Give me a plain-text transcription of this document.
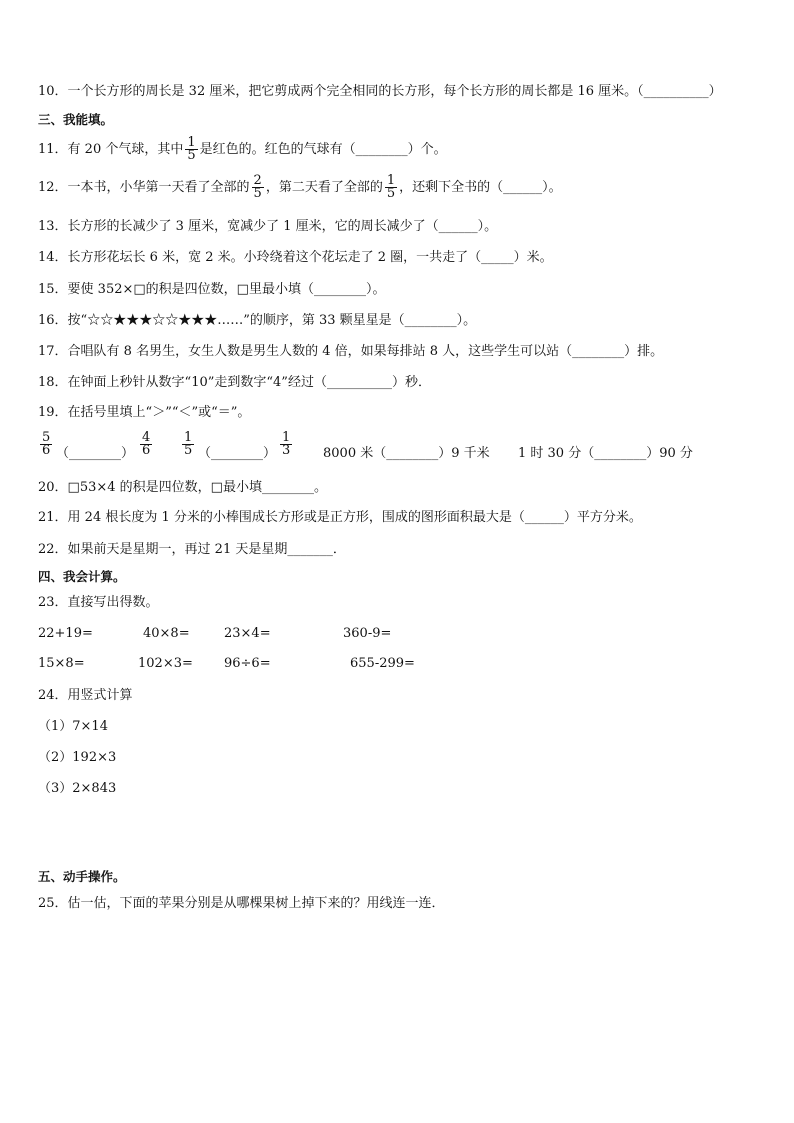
10．一个长方形的周长是 32 厘米，把它剪成两个完全相同的长方形，每个长方形的周长都是 16 厘米。（__________）
三、我能填。
11．有 20 个气球，其中 $\frac{1}{5}$ 是红色的。红色的气球有（________）个。
12．一本书，小华第一天看了全部的 $\frac{2}{5}$ ，第二天看了全部的 $\frac{1}{5}$ ，还剩下全书的（______）。
13．长方形的长减少了 3 厘米，宽减少了 1 厘米，它的周长减少了（______）。
14．长方形花坛长 6 米，宽 2 米。小玲绕着这个花坛走了 2 圈，一共走了（_____）米。
15．要使 352×□的积是四位数，□里最小填（________）。
16．按“☆☆★★★☆☆★★★……”的顺序，第 33 颗星星是（________）。
17．合唱队有 8 名男生，女生人数是男生人数的 4 倍，如果每排站 8 人，这些学生可以站（________）排。
18．在钟面上秒针从数字“10”走到数字“4”经过（__________）秒．
19．在括号里填上“＞”“＜”或“＝”。
$\frac{5}{6}$ （________） $\frac{4}{6} \frac{1}{5}$ （________） $\frac{1}{3} 8000$ 米（________）9 千米 1 时 30 分（________）90 分
20．□53×4 的积是四位数，□最小填________。
21．用 24 根长度为 1 分米的小棒围成长方形或是正方形，围成的图形面积最大是（______）平方分米。
22．如果前天是星期一，再过 21 天是星期_______．
四、我会计算。
23．直接写出得数。
22+19=	40×8=	23×4=	360-9=
15×8=	102×3= 96÷6=	655-299=
24．用竖式计算
（1）7×14
（2）192×3
（3）2×843
五、动手操作。
25．估一估，下面的苹果分别是从哪棵果树上掉下来的？用线连一连．
